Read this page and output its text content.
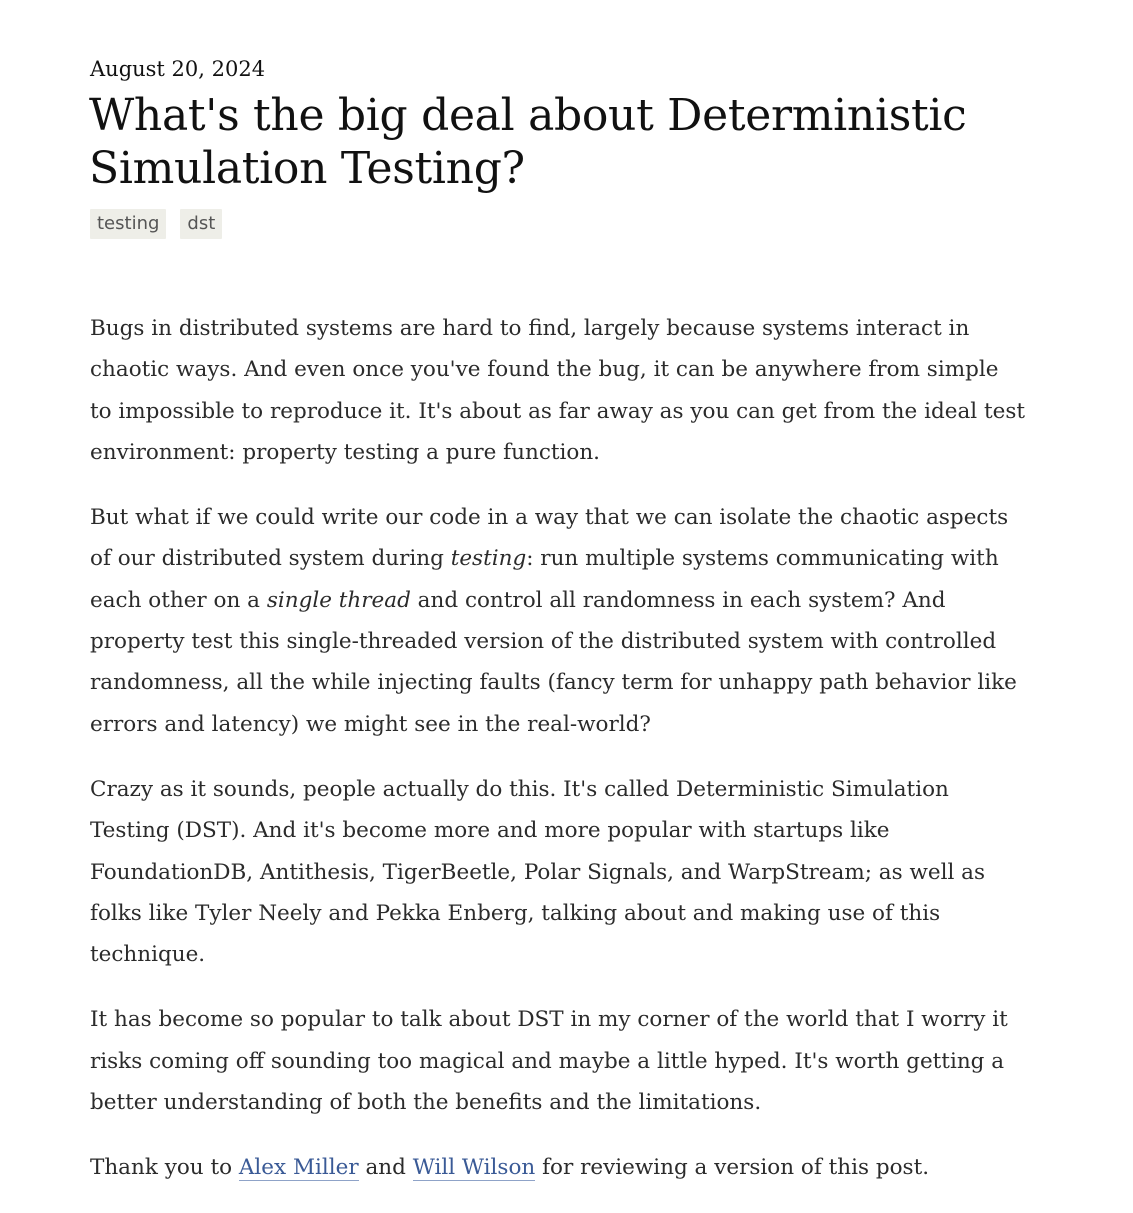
August 20, 2024
What's the big deal about Deterministic Simulation Testing?
testing	dst

Bugs in distributed systems are hard to find, largely because systems interact in chaotic ways. And even once you've found the bug, it can be anywhere from simple to impossible to reproduce it. It's about as far away as you can get from the ideal test environment: property testing a pure function.

But what if we could write our code in a way that we can isolate the chaotic aspects of our distributed system during testing: run multiple systems communicating with each other on a single thread and control all randomness in each system? And property test this single-threaded version of the distributed system with controlled randomness, all the while injecting faults (fancy term for unhappy path behavior like errors and latency) we might see in the real-world?

Crazy as it sounds, people actually do this. It's called Deterministic Simulation Testing (DST). And it's become more and more popular with startups like FoundationDB, Antithesis, TigerBeetle, Polar Signals, and WarpStream; as well as folks like Tyler Neely and Pekka Enberg, talking about and making use of this technique.

It has become so popular to talk about DST in my corner of the world that I worry it risks coming off sounding too magical and maybe a little hyped. It's worth getting a better understanding of both the benefits and the limitations.

Thank you to Alex Miller and Will Wilson for reviewing a version of this post.
